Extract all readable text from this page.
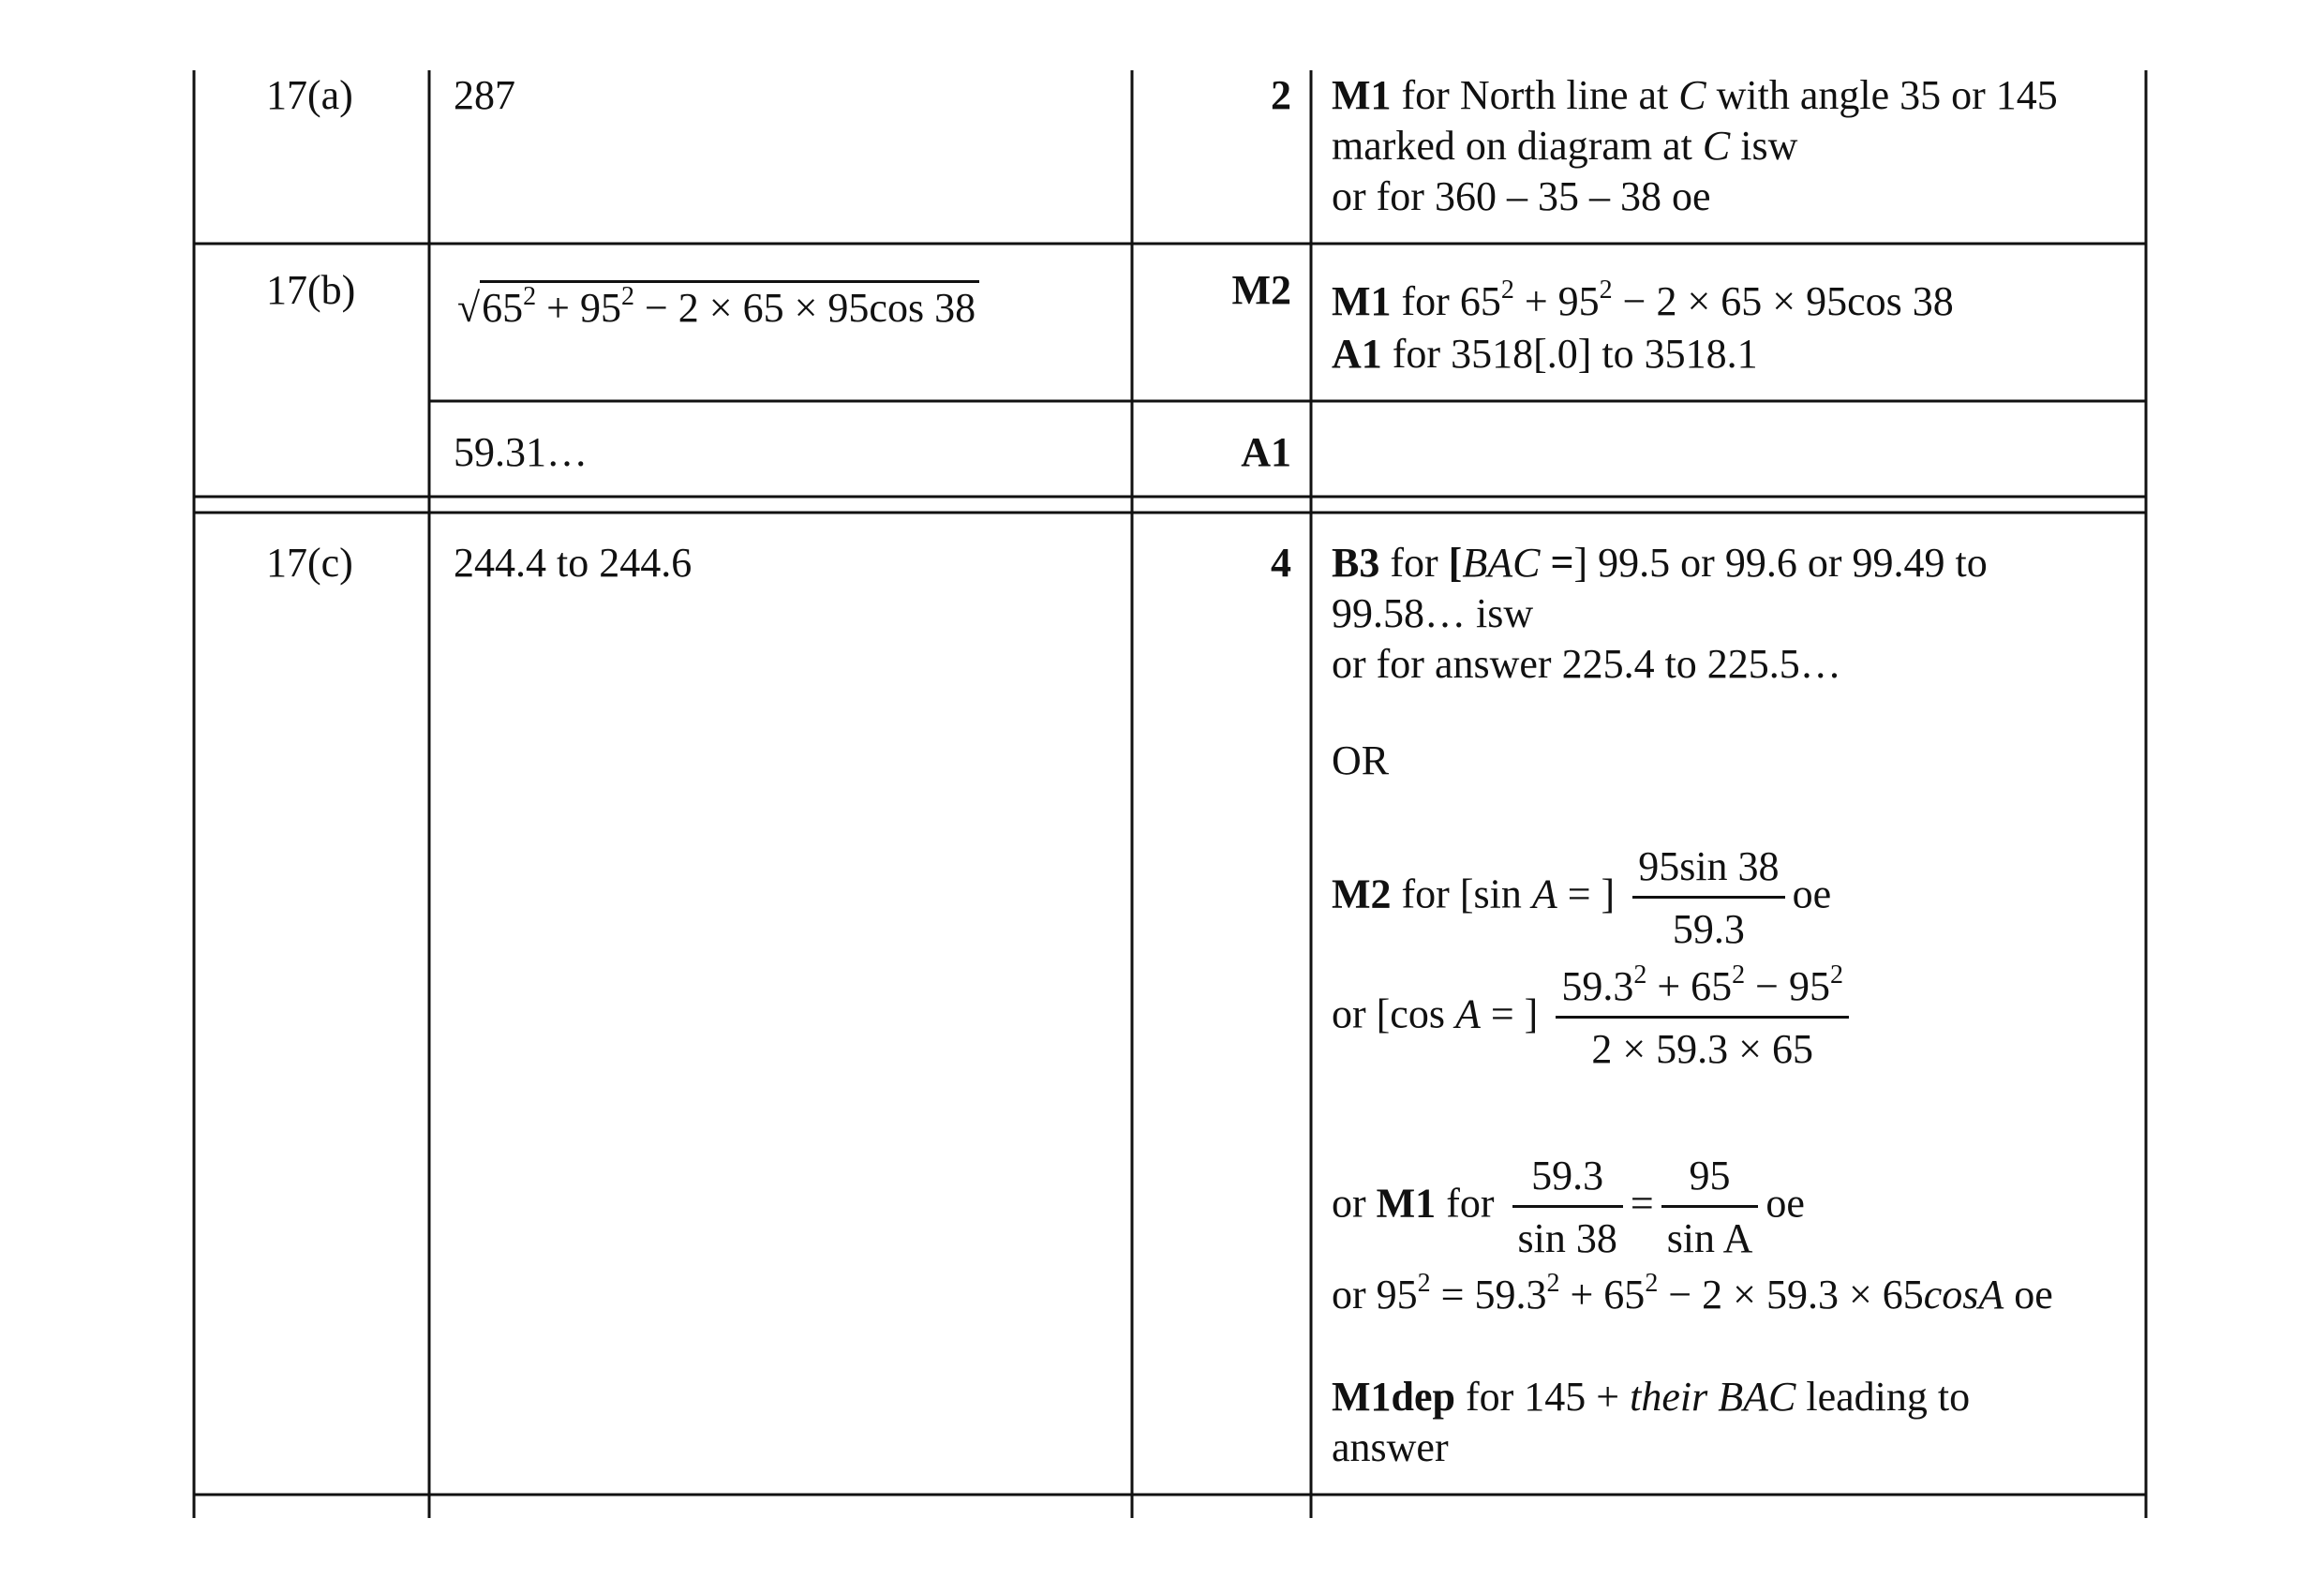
17(a) 287	2 M1 for North line at C with angle 35 or 145
marked on diagram at C isw
or for 360 – 35 – 38 oe
17(b) $√65^2 + 95^2 - 2 \times 65 \times 95\cos$ 38	M2 M1 for $65^2 + 95^2 - 2 \times 65 \times 95\cos$ 38
A1 for 3518[.0] to 3518.1
59.31…	A1
17(c) 244.4 to 244.6	4 B3 for [BAC =] 99.5 or 99.6 or 99.49 to
99.58… isw
or for answer 225.4 to 225.5…
OR
M2 for [sin A = ] $\frac{95\sin 38}{59.3}$ oe
or [cos A = ] $\frac{59.3^2 + 65^2 - 95^2}{2 \times 59.3 \times 65}$
or M1 for $\frac{59.3}{\sin 38} = \frac{95}{\text{sin A}}$ oe
or $95^2 = 59.3^2 + 65^2 - 2 \times 59.3 \times 65\cos A$ oe
M1dep for 145 + their BAC leading to
answer
